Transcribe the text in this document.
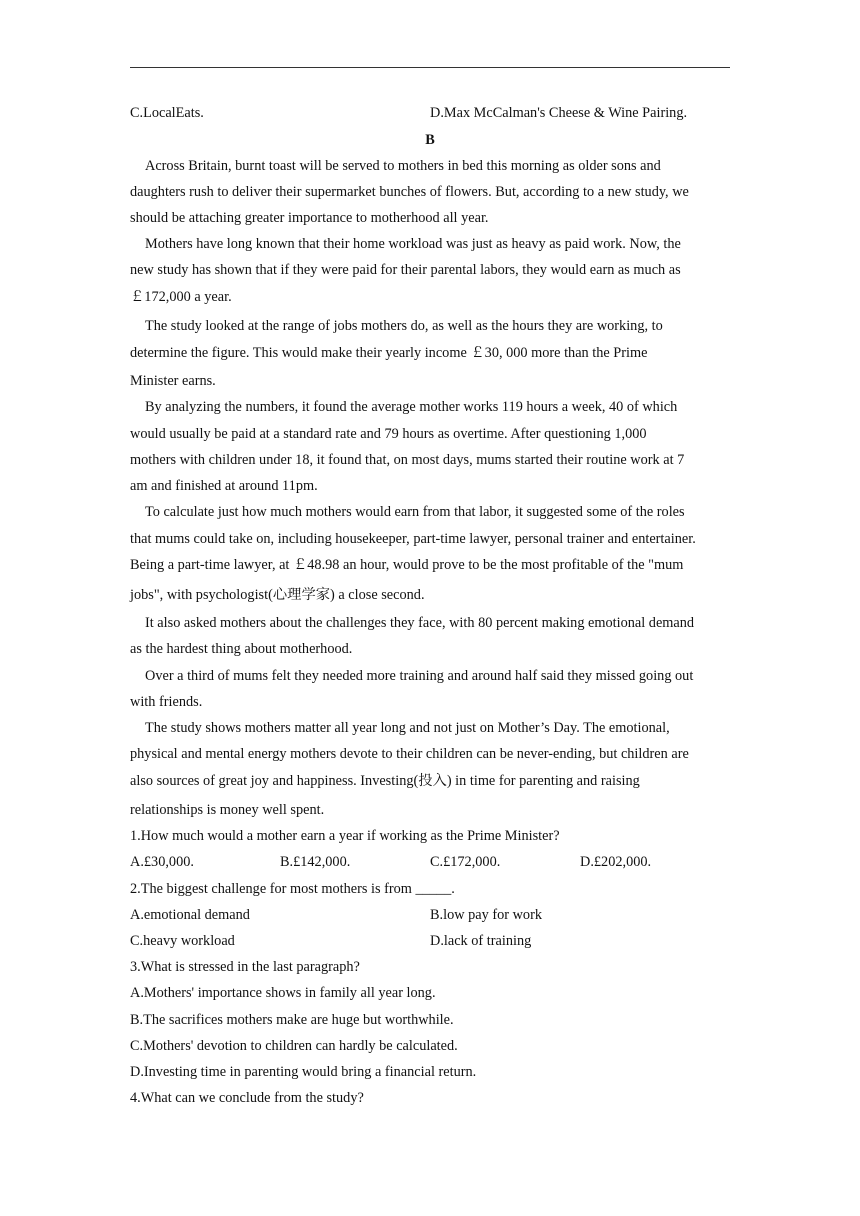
C.LocalEats.	D.Max McCalman's Cheese & Wine Pairing.

B

Across Britain, burnt toast will be served to mothers in bed this morning as older sons and

daughters rush to deliver their supermarket bunches of flowers. But, according to a new study, we

should be attaching greater importance to motherhood all year.

Mothers have long known that their home workload was just as heavy as paid work. Now, the

new study has shown that if they were paid for their parental labors, they would earn as much as

￡172,000 a year.

The study looked at the range of jobs mothers do, as well as the hours they are working, to

determine the figure. This would make their yearly income ￡30, 000 more than the Prime

Minister earns.

By analyzing the numbers, it found the average mother works 119 hours a week, 40 of which

would usually be paid at a standard rate and 79 hours as overtime. After questioning 1,000

mothers with children under 18, it found that, on most days, mums started their routine work at 7

am and finished at around 11pm.

To calculate just how much mothers would earn from that labor, it suggested some of the roles

that mums could take on, including housekeeper, part-time lawyer, personal trainer and entertainer.

Being a part-time lawyer, at ￡48.98 an hour, would prove to be the most profitable of the "mum

jobs", with psychologist(心理学家) a close second.

It also asked mothers about the challenges they face, with 80 percent making emotional demand

as the hardest thing about motherhood.

Over a third of mums felt they needed more training and around half said they missed going out

with friends.

The study shows mothers matter all year long and not just on Mother’s Day. The emotional,

physical and mental energy mothers devote to their children can be never-ending, but children are

also sources of great joy and happiness. Investing(投入) in time for parenting and raising

relationships is money well spent.

1.How much would a mother earn a year if working as the Prime Minister?

A.£30,000.	B.£142,000.	C.£172,000.	D.£202,000.

2.The biggest challenge for most mothers is from _____.

A.emotional demand	B.low pay for work

C.heavy workload	D.lack of training

3.What is stressed in the last paragraph?

A.Mothers' importance shows in family all year long.

B.The sacrifices mothers make are huge but worthwhile.

C.Mothers' devotion to children can hardly be calculated.

D.Investing time in parenting would bring a financial return.

4.What can we conclude from the study?
